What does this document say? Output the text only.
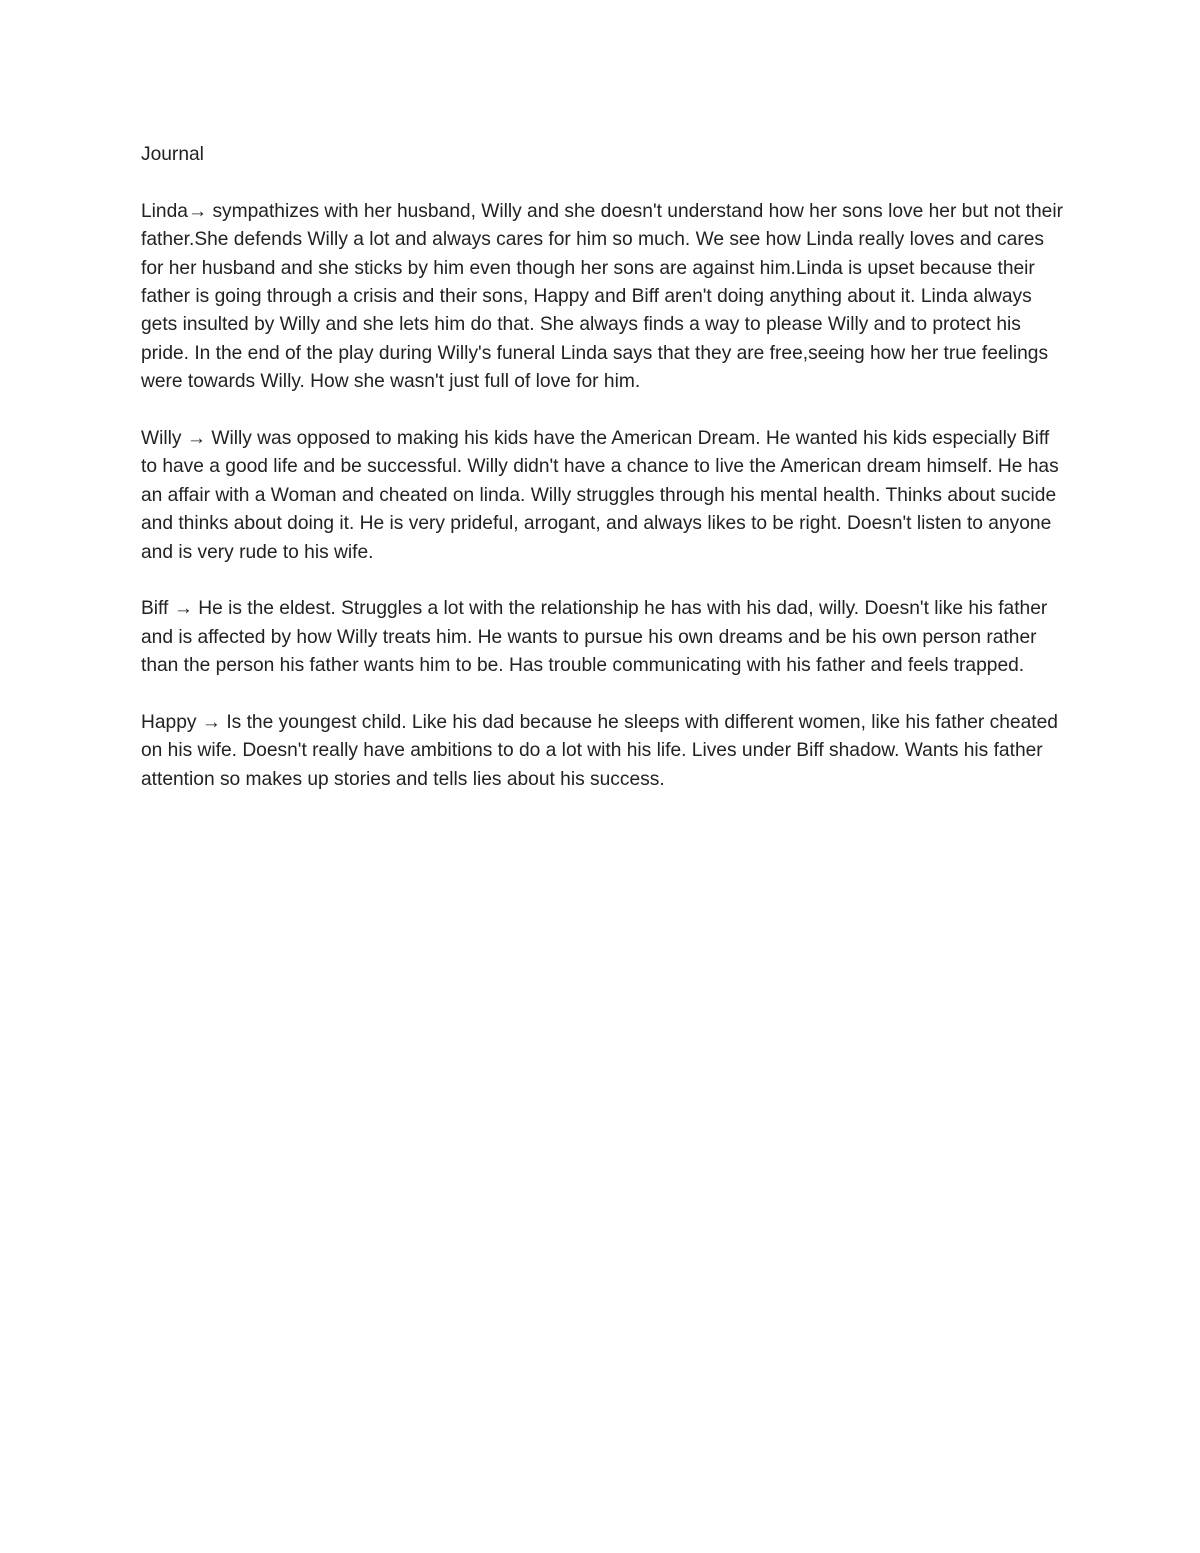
Journal

Linda→ sympathizes with her husband, Willy and she doesn't understand how her sons love her but not their father.She defends Willy a lot and always cares for him so much. We see how Linda really loves and cares for her husband and she sticks by him even though her sons are against him.Linda is upset because their father is going through a crisis and their sons, Happy and Biff aren't doing anything about it. Linda always gets insulted by Willy and she lets him do that. She always finds a way to please Willy and to protect his pride. In the end of the play during Willy's funeral Linda says that they are free,seeing how her true feelings were towards Willy. How she wasn't just full of love for him.

Willy → Willy was opposed to making his kids have the American Dream. He wanted his kids especially Biff to have a good life and be successful. Willy didn't have a chance to live the American dream himself. He has an affair with a Woman and cheated on linda. Willy struggles through his mental health. Thinks about sucide and thinks about doing it. He is very prideful, arrogant, and always likes to be right. Doesn't listen to anyone and is very rude to his wife.

Biff → He is the eldest. Struggles a lot with the relationship he has with his dad, willy. Doesn't like his father and is affected by how Willy treats him. He wants to pursue his own dreams and be his own person rather than the person his father wants him to be. Has trouble communicating with his father and feels trapped.

Happy → Is the youngest child. Like his dad because he sleeps with different women, like his father cheated on his wife. Doesn't really have ambitions to do a lot with his life. Lives under Biff shadow. Wants his father attention so makes up stories and tells lies about his success.
